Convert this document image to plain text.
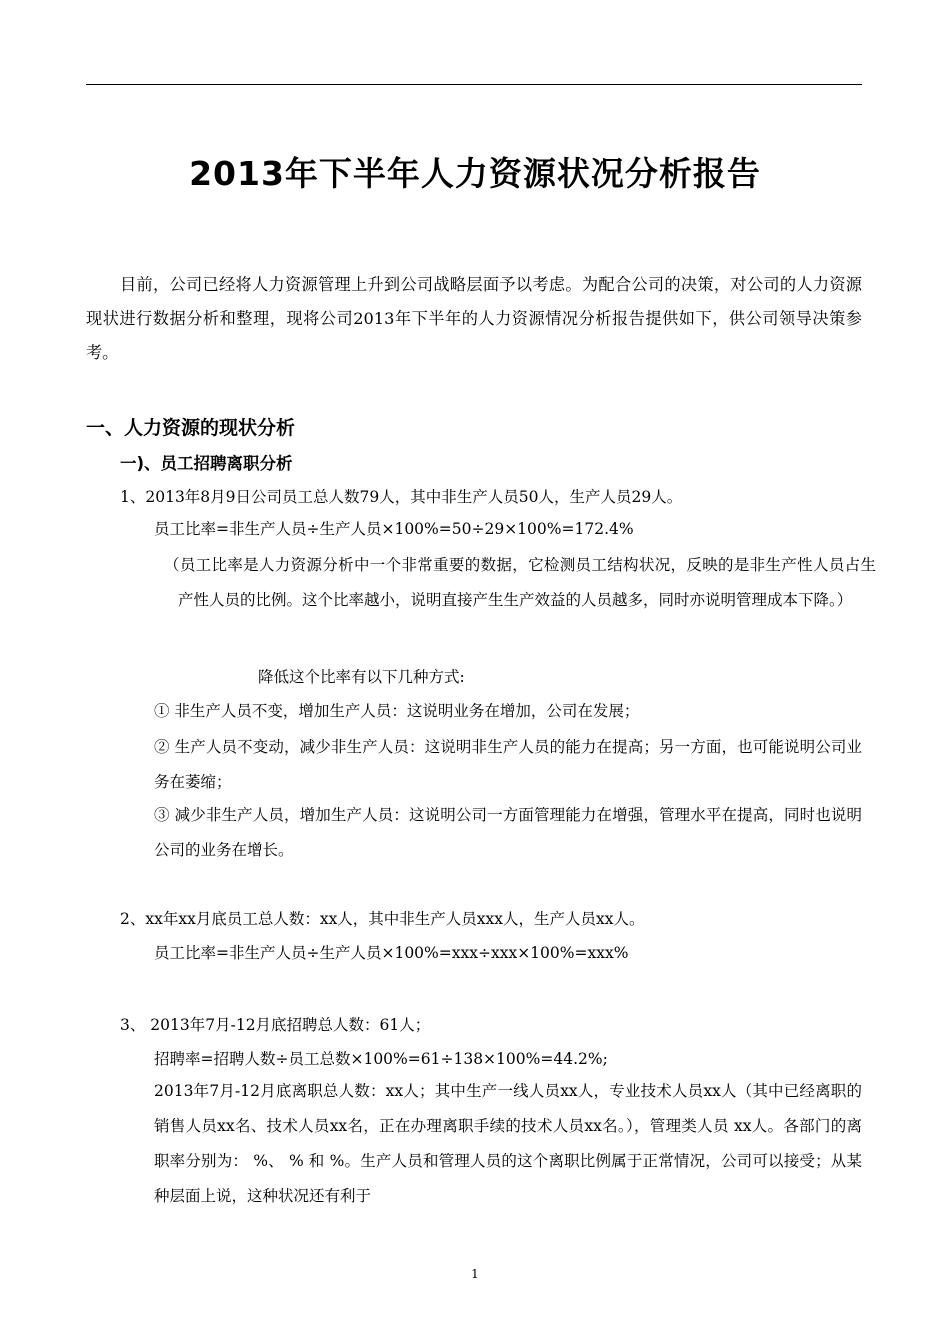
2013年下半年人力资源状况分析报告
目前，公司已经将人力资源管理上升到公司战略层面予以考虑。为配合公司的决策，对公司的人力资源现状进行数据分析和整理，现将公司2013年下半年的人力资源情况分析报告提供如下，供公司领导决策参考。
一、人力资源的现状分析
一)、员工招聘离职分析
1、2013年8月9日公司员工总人数79人，其中非生产人员50人，生产人员29人。
员工比率=非生产人员÷生产人员×100%=50÷29×100%=172.4%
（员工比率是人力资源分析中一个非常重要的数据，它检测员工结构状况，反映的是非生产性人员占生产性人员的比例。这个比率越小，说明直接产生生产效益的人员越多，同时亦说明管理成本下降。）
降低这个比率有以下几种方式:
① 非生产人员不变，增加生产人员：这说明业务在增加，公司在发展；
② 生产人员不变动，减少非生产人员：这说明非生产人员的能力在提高；另一方面，也可能说明公司业务在萎缩；
③ 减少非生产人员，增加生产人员：这说明公司一方面管理能力在增强，管理水平在提高，同时也说明公司的业务在增长。
2、xx年xx月底员工总人数：xx人，其中非生产人员xxx人，生产人员xx人。
员工比率=非生产人员÷生产人员×100%=xxx÷xxx×100%=xxx%
3、 2013年7月-12月底招聘总人数：61人；
招聘率=招聘人数÷员工总数×100%=61÷138×100%=44.2%;
2013年7月-12月底离职总人数：xx人；其中生产一线人员xx人，专业技术人员xx人（其中已经离职的销售人员xx名、技术人员xx名，正在办理离职手续的技术人员xx名。），管理类人员 xx人。各部门的离职率分别为： %、 % 和 %。生产人员和管理人员的这个离职比例属于正常情况，公司可以接受；从某种层面上说，这种状况还有利于
1
